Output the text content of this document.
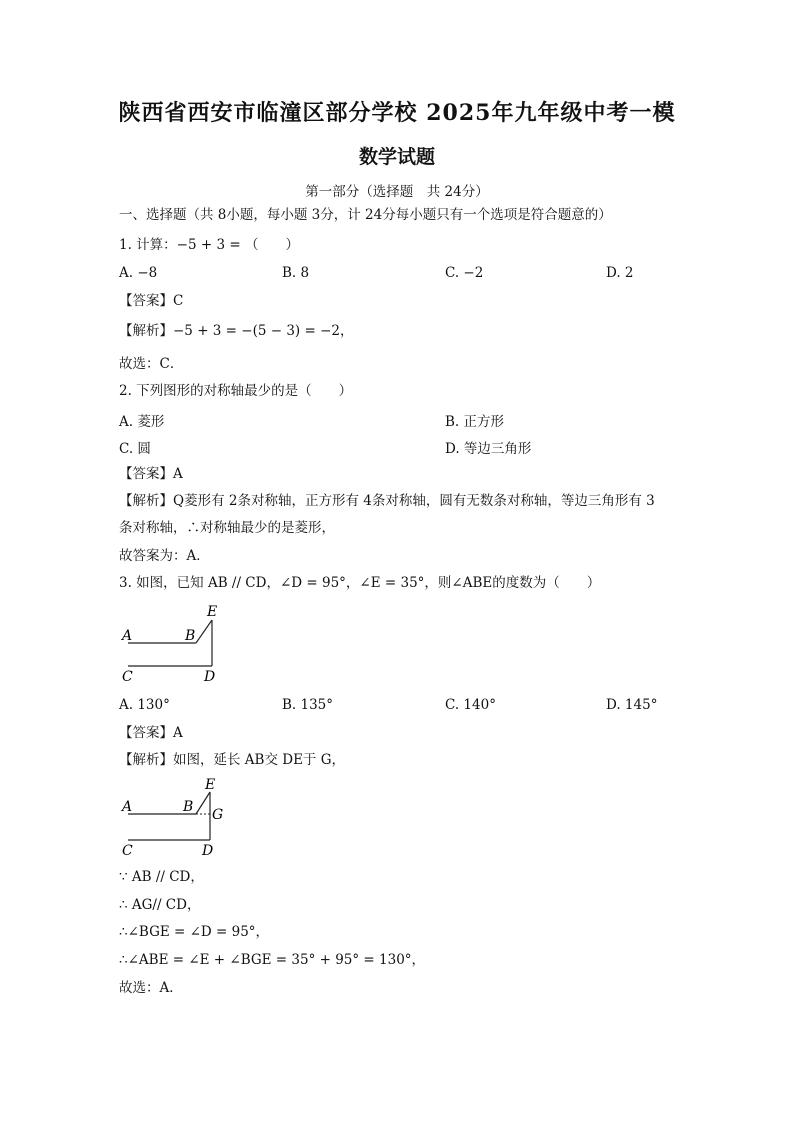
陕西省西安市临潼区部分学校 2025年九年级中考一模
数学试题
第一部分（选择题　共 24分）
一、选择题（共 8小题，每小题 3分，计 24分每小题只有一个选项是符合题意的）
1. 计算：−5 + 3 = （　　）
A. −8	B. 8	C. −2	D. 2
【答案】C
【解析】−5 + 3 = −(5 − 3) = −2，
故选：C．
2. 下列图形的对称轴最少的是（　　）
A. 菱形	B. 正方形
C. 圆	D. 等边三角形
【答案】A
【解析】Q菱形有 2条对称轴，正方形有 4条对称轴，圆有无数条对称轴，等边三角形有 3
条对称轴，∴对称轴最少的是菱形，
故答案为：A．
3. 如图，已知 AB // CD，∠D = 95°，∠E = 35°，则∠ABE的度数为（　　）
A	B
E
C	D
A. 130°	B. 135°	C. 140°	D. 145°
【答案】A
【解析】如图，延长 AB交 DE于 G，
A	B
E
G
C	D
∵ AB // CD，
∴ AG// CD，
∴∠BGE = ∠D = 95°，
∴∠ABE = ∠E + ∠BGE = 35° + 95° = 130°，
故选：A．
